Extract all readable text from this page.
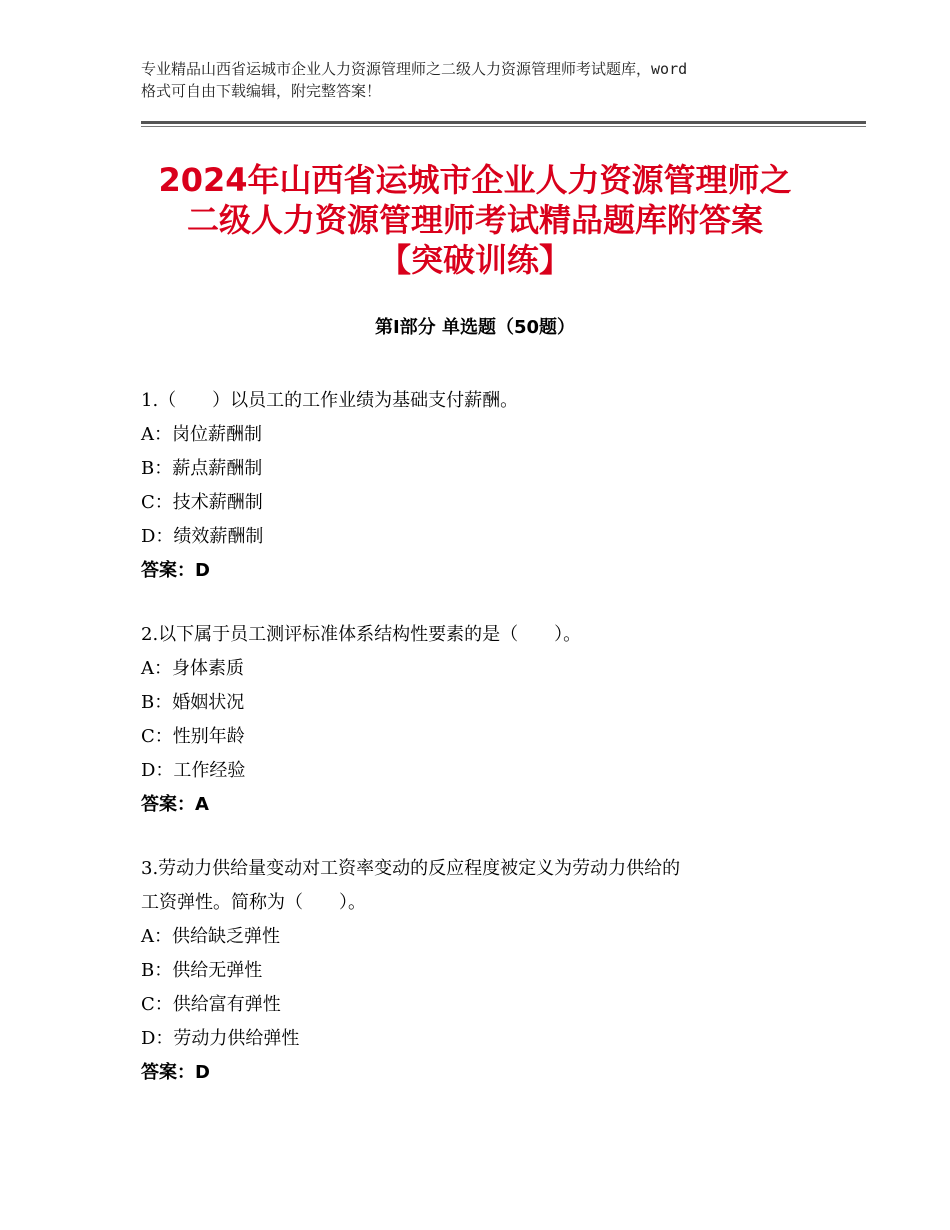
专业精品山西省运城市企业人力资源管理师之二级人力资源管理师考试题库，word
格式可自由下载编辑，附完整答案！
2024年山西省运城市企业人力资源管理师之
二级人力资源管理师考试精品题库附答案
【突破训练】
第Ⅰ部分 单选题（50题）
1.（　　）以员工的工作业绩为基础支付薪酬。
A：岗位薪酬制
B：薪点薪酬制
C：技术薪酬制
D：绩效薪酬制
答案：D
2.以下属于员工测评标准体系结构性要素的是（　　）。
A：身体素质
B：婚姻状况
C：性别年龄
D：工作经验
答案：A
3.劳动力供给量变动对工资率变动的反应程度被定义为劳动力供给的
工资弹性。简称为（　　）。
A：供给缺乏弹性
B：供给无弹性
C：供给富有弹性
D：劳动力供给弹性
答案：D
